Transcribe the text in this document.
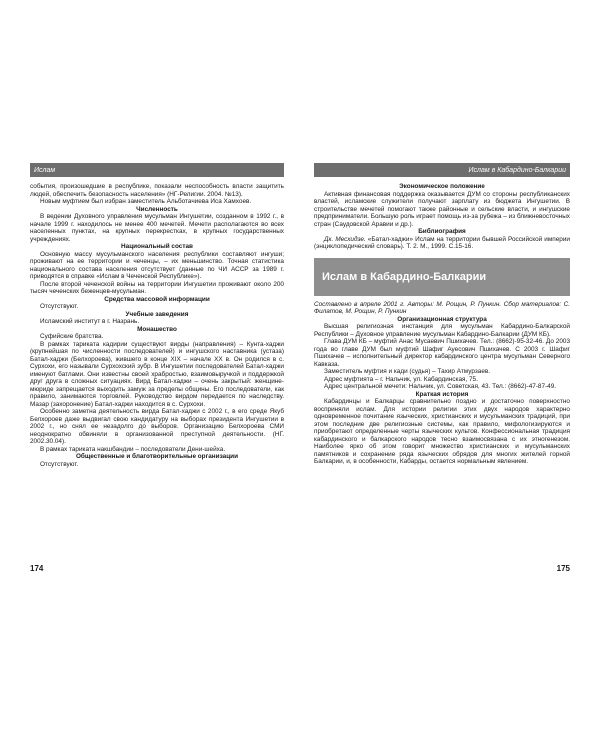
Ислам

события, произошедшие в республике, показали неспособность власти защитить людей, обеспечить безопасность населения» (НГ-Религии. 2004. №13).

Новым муфтием был избран заместитель Альботачиева Иса Хамхоев.

Численность

В ведении Духовного управления мусульман Ингушетии, созданном в 1992 г., в начале 1999 г. находилось не менее 400 мечетей. Мечети располагаются во всех населенных пунктах, на крупных перекрестках, в крупных государственных учреждениях.

Национальный состав

Основную массу мусульманского населения республики составляют ингуши; проживают на ее территории и чеченцы, – их меньшинство. Точная статистика национального состава населения отсутствует (данные по ЧИ АССР за 1989 г. приводятся в справке «Ислам в Чеченской Республике»).

После второй чеченской войны на территории Ингушетии проживают около 200 тысяч чеченских беженцев-мусульман.

Средства массовой информации

Отсутствуют.

Учебные заведения

Исламский институт в г. Назрань.

Монашество

Суфийские братства.

В рамках тариката кадирии существуют вирды (направления) – Кунта-хаджи (крупнейшая по численности последователей) и ингушского наставника (устаза) Батал-хаджи (Белхороева), жившего в конце XIX – начале XX в. Он родился в с. Сурхохи, его называли Сурхохский зубр. В Ингушетии последователей Батал-хаджи именуют батлами. Они известны своей храбростью, взаимовыручкой и поддержкой друг друга в сложных ситуациях. Вирд Батал-хаджи – очень закрытый: женщине-мюриде запрещается выходить замуж за пределы общины. Его последователи, как правило, занимаются торговлей. Руководство вирдом передается по наследству. Мазар (захоронение) Батал-хаджи находится в с. Сурхохи.

Особенно заметна деятельность вирда Батал-хаджи с 2002 г., в его среде Якуб Белхороев даже выдвигал свою кандидатуру на выборах президента Ингушетии в 2002 г., но снял ее незадолго до выборов. Организацию Белхороева СМИ неоднократно обвиняли в организованной преступной деятельности. (НГ. 2002.30.04).

В рамках тариката накшбандии – последователи Дени-шейха.

Общественные и благотворительные организации

Отсутствуют.

174
Ислам в Кабардино-Балкарии

Экономическое положение

Активная финансовая поддержка оказывается ДУМ со стороны республиканских властей, исламские служители получают зарплату из бюджета Ингушетии. В строительстве мечетей помогают также районные и сельские власти, и ингушские предприниматели. Большую роль играет помощь из-за рубежа – из ближневосточных стран (Саудовской Аравии и др.).

Библиография

Дк. Месхидзе. «Батал-хаджи» Ислам на территории бывшей Российской империи (энциклопедический словарь). Т. 2. М., 1999. С.15-16.

Ислам в Кабардино-Балкарии

Составлено в апреле 2001 г. Авторы: М. Рощин, Р. Пункин. Сбор материалов: С. Филатов, М. Рощин, Р. Пункин

Организационная структура

Высшая религиозная инстанция для мусульман Кабардино-Балкарской Республики – Духовное управление мусульман Кабардино-Балкарии (ДУМ КБ).

Глава ДУМ КБ – муфтий Анас Мусаевич Пшихачев. Тел.: (8662)-95-32-46. До 2003 года во главе ДУМ был муфтий Шафиг Ауесович Пшихачев. С 2003 г. Шафиг Пшихачев – исполнительный директор кабардинского центра мусульман Северного Кавказа.

Заместитель муфтия и кади (судья) – Тахир Атмурзаев.

Адрес муфтията – г. Нальчик, ул. Кабардинская, 75.

Адрес центральной мечети: Нальчик, ул. Советская, 43. Тел.: (8662)-47-87-49.

Краткая история

Кабардинцы и Балкарцы сравнительно поздно и достаточно поверхностно восприняли ислам. Для истории религии этих двух народов характерно одновременное почитание языческих, христианских и мусульманских традиций, при этом последние две религиозные системы, как правило, мифологизируются и приобретают определенные черты языческих культов. Конфессиональная традиция кабардинского и балкарского народов тесно взаимосвязана с их этногенезом. Наиболее ярко об этом говорит множество христианских и мусульманских памятников и сохранение ряда языческих обрядов для многих жителей горной Балкарии, и, в особенности, Кабарды, остается нормальным явлением.

175
